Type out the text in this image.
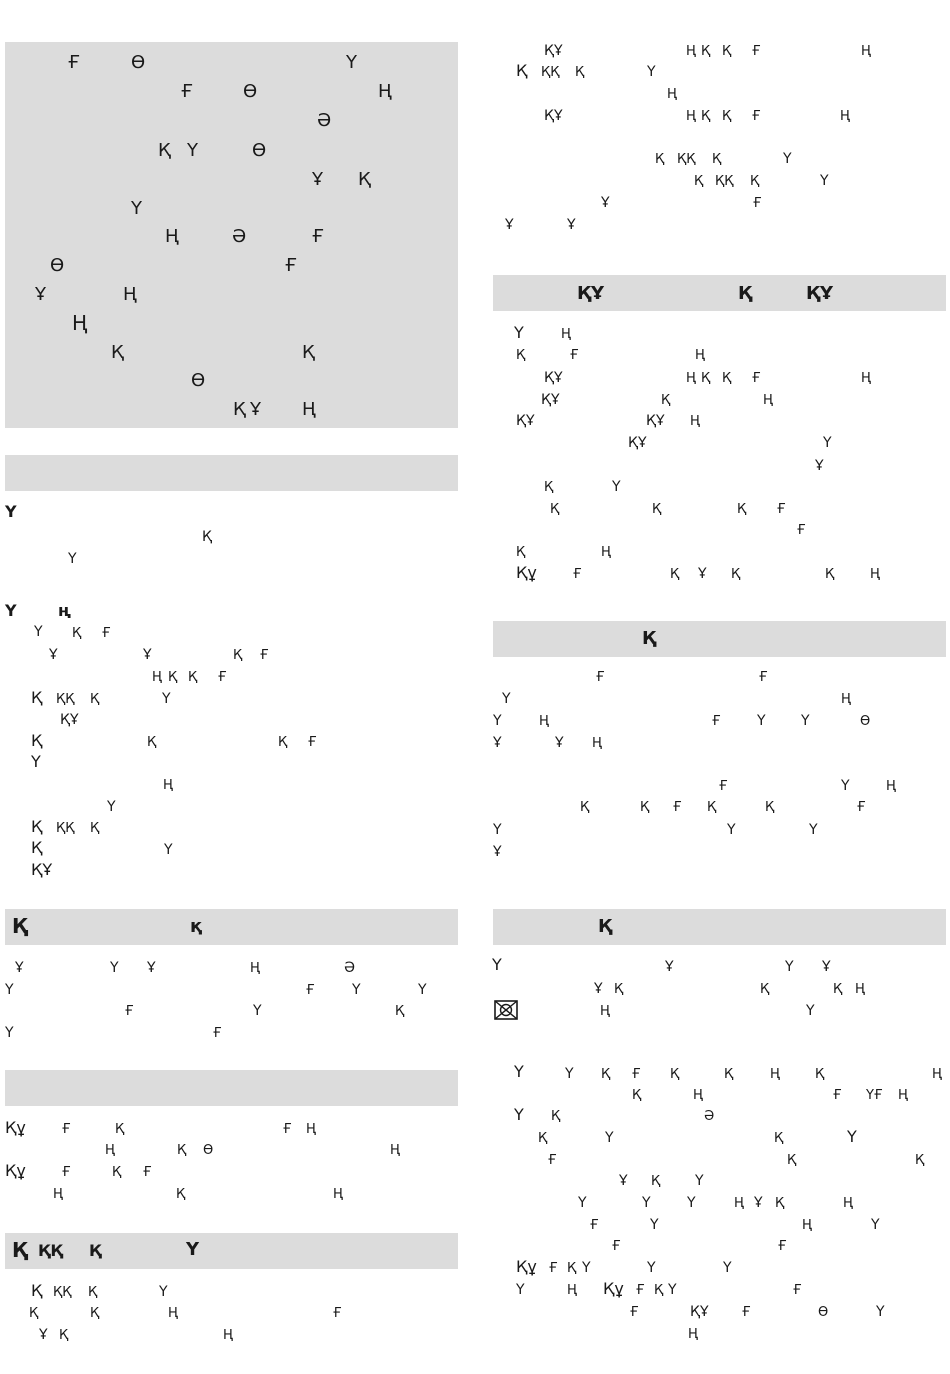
Ғ	Ө	Ү
Ғ	Ө	Ң
Ә
Қ Ү	Ө
Ұ Қ
Ү
Ң	Ә	Ғ
Ө	Ғ
Ұ	Ң
Ң
Қ	Қ
Ө
Қ Ұ Ң
Ү
Қ
Ү
Ү	ң
Ү Қ Ғ
Ұ	Ұ	Қ Ғ
Ң Қ Қ Ғ
Қ ҚҚ Қ	Ү
ҚҰ
Қ	Қ	Қ Ғ
Ү
Ң
Ү
Қ ҚҚ Қ
Қ	Ү
ҚҰ
Қ	қ
Ұ	Ү Ұ	Ң	Ә
Ү	Ғ	Ү	Ү
Ғ	Ү	Қ
Ү	Ғ
Құ	Ғ	Қ	Ғ Ң
Ң	Қ Ө	Ң
Құ	Ғ	Қ Ғ
Ң	Қ	Ң
Қ ҚҚ Қ	Ү
Қ ҚҚ Қ	Ү
Қ	Қ	Ң	Ғ
Ұ Қ	Ң
ҚҰ	Ң Қ Қ Ғ	Ң
Қ ҚҚ Қ	Ү
Ң
ҚҰ	Ң Қ Қ Ғ	Ң
Қ ҚҚ Қ	Ү
Қ ҚҚ Қ	Ү
Ұ	Ғ
Ұ	Ұ
ҚҰ	Қ	ҚҰ
Ү	Ң
Қ	Ғ	Ң
ҚҰ	Ң Қ Қ Ғ	Ң
ҚҰ	Қ	Ң
ҚҰ	ҚҰ Ң
ҚҰ	Ү
Ұ
Қ	Ү
Қ	Қ	Қ Ғ
Ғ
Қ	Ң
Құ	Ғ	Қ Ұ Қ	Қ	Ң
Қ
Ғ	Ғ
Ү	Ң
Ү	Ң	Ғ	Ү	Ү	Ө
Ұ	Ұ Ң
Ғ	Ү	Ң
Қ	Қ Ғ Қ	Қ	Ғ
Ү	Ү	Ү
Ұ
Қ
Ү	Ұ	Ү Ұ
Ұ Қ	Қ	Қ Ң
Ң	Ү
Ү	Ү Қ Ғ Қ	Қ	Ң	Қ	Ң
Қ	Ң	Ғ ҮҒ Ң
Ү Қ	Ә
Қ	Ү	Қ	Ү
Ғ	Қ	Қ
Ұ Қ Ү
Ү	Ү	Ү	Ң Ұ Қ	Ң
Ғ	Ү	Ң	Ү
Ғ	Ғ
Құ Ғ Қ Ү	Ү	Ү
Ү	Ң Құ Ғ Қ Ү	Ғ
Ғ	ҚҰ	Ғ	Ө	Ү
Ң
